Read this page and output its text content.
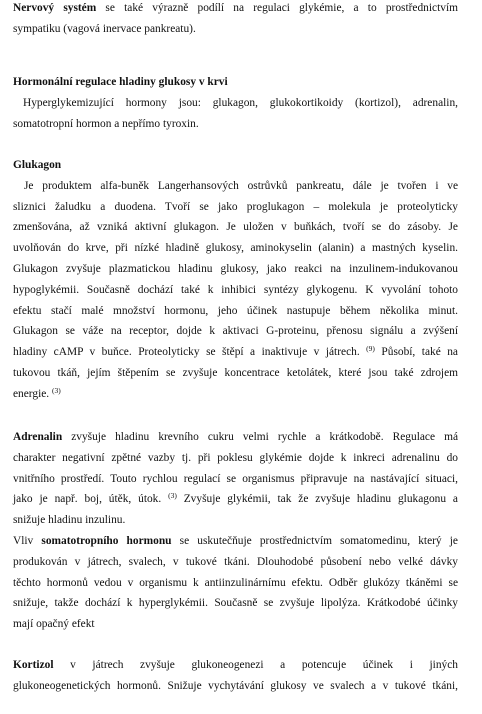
Nervový systém se také výrazně podílí na regulaci glykémie, a to prostřednictvím
sympatiku (vagová inervace pankreatu).

Hormonální regulace hladiny glukosy v krvi
Hyperglykemizující hormony jsou: glukagon, glukokortikoidy (kortizol), adrenalin,
somatotropní hormon a nepřímo tyroxin.

Glukagon
Je produktem alfa-buněk Langerhansových ostrůvků pankreatu, dále je tvořen i ve
sliznici žaludku a duodena. Tvoří se jako proglukagon – molekula je proteolyticky
zmenšována, až vzniká aktivní glukagon. Je uložen v buňkách, tvoří se do zásoby. Je
uvolňován do krve, při nízké hladině glukosy, aminokyselin (alanin) a mastných kyselin.
Glukagon zvyšuje plazmatickou hladinu glukosy, jako reakci na inzulinem-indukovanou
hypoglykémii. Současně dochází také k inhibici syntézy glykogenu. K vyvolání tohoto
efektu stačí malé množství hormonu, jeho účinek nastupuje během několika minut.
Glukagon se váže na receptor, dojde k aktivaci G-proteinu, přenosu signálu a zvýšení
hladiny cAMP v buňce. Proteolyticky se štěpí a inaktivuje v játrech. $^{(9)}$ Působí, také na
tukovou tkáň, jejím štěpením se zvyšuje koncentrace ketolátek, které jsou také zdrojem
energie. $^{(3)}$

Adrenalin zvyšuje hladinu krevního cukru velmi rychle a krátkodobě. Regulace má
charakter negativní zpětné vazby tj. při poklesu glykémie dojde k inkreci adrenalinu do
vnitřního prostředí. Touto rychlou regulací se organismus připravuje na nastávající situaci,
jako je např. boj, útěk, útok. $^{(3)}$ Zvyšuje glykémii, tak že zvyšuje hladinu glukagonu a
snižuje hladinu inzulinu.

Vliv somatotropního hormonu se uskutečňuje prostřednictvím somatomedinu, který je
produkován v játrech, svalech, v tukové tkáni. Dlouhodobé působení nebo velké dávky
těchto hormonů vedou v organismu k antiinzulinárnímu efektu. Odběr glukózy tkáněmi se
snižuje, takže dochází k hyperglykémii. Současně se zvyšuje lipolýza. Krátkodobé účinky
mají opačný efekt

Kortizol v játrech zvyšuje glukoneogenezi a potencuje účinek i jiných
glukoneogenetických hormonů. Snižuje vychytávání glukosy ve svalech a v tukové tkáni,
